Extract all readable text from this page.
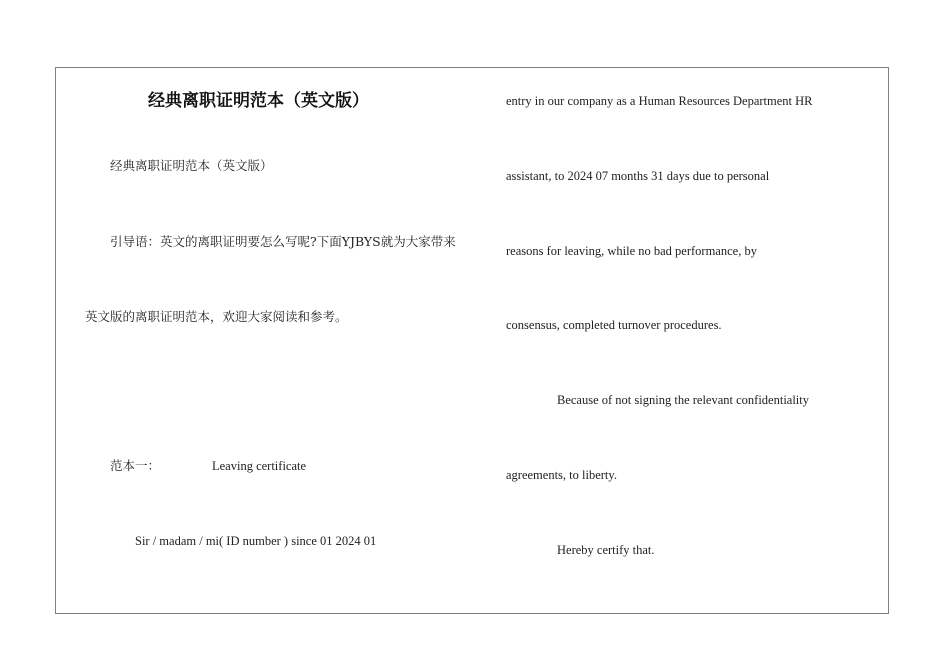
经典离职证明范本（英文版）
经典离职证明范本（英文版）
引导语：英文的离职证明要怎么写呢?下面YJBYS就为大家带来
英文版的离职证明范本，欢迎大家阅读和参考。
范本一：	Leaving certificate
Sir / madam / mi( ID number ) since 01 2024 01
entry in our company as a Human Resources Department HR
assistant, to 2024 07 months 31 days due to personal
reasons for leaving, while no bad performance, by
consensus, completed turnover procedures.
Because of not signing the relevant confidentiality
agreements, to liberty.
Hereby certify that.
